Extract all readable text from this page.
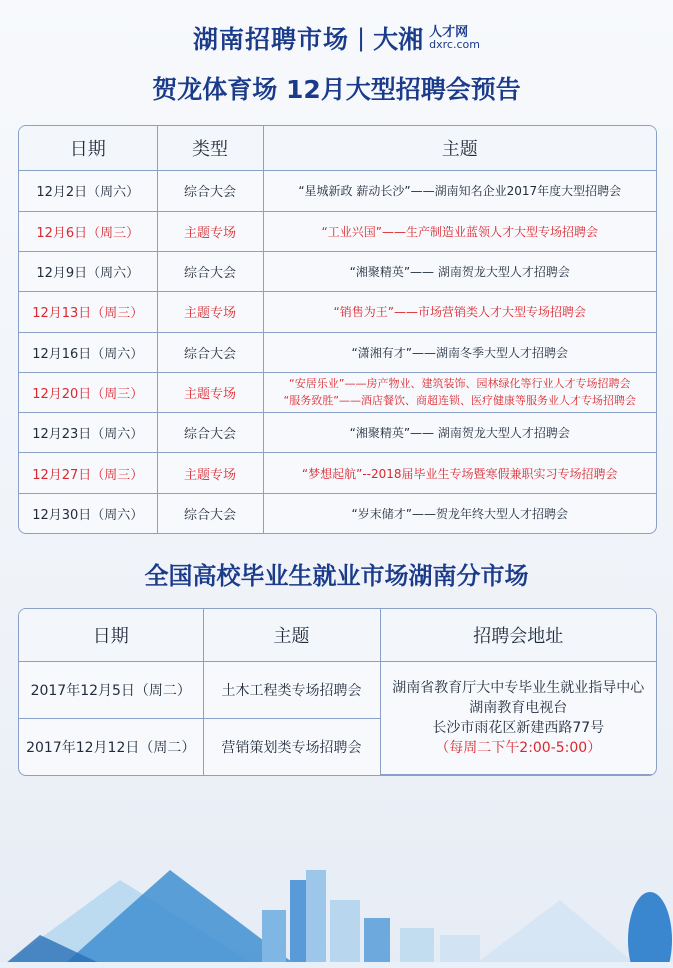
湖南招聘市场 | 大湘 人才网
dxrc.com
贺龙体育场 12月大型招聘会预告
日期	类型	主题
12月2日（周六）	综合大会	“星城新政 薪动长沙”——湖南知名企业2017年度大型招聘会
12月6日（周三）	主题专场	“工业兴国”——生产制造业蓝领人才大型专场招聘会
12月9日（周六）	综合大会	“湘聚精英”—— 湖南贺龙大型人才招聘会
12月13日（周三）	主题专场	“销售为王”——市场营销类人才大型专场招聘会
12月16日（周六）	综合大会	“潇湘有才”——湖南冬季大型人才招聘会
12月20日（周三）	主题专场	“安居乐业”——房产物业、建筑装饰、园林绿化等行业人才专场招聘会
“服务致胜”——酒店餐饮、商超连锁、医疗健康等服务业人才专场招聘会

12月23日（周六）	综合大会	“湘聚精英”—— 湖南贺龙大型人才招聘会
12月27日（周三）	主题专场	“梦想起航”--2018届毕业生专场暨寒假兼职实习专场招聘会
12月30日（周六）	综合大会	“岁末储才”——贺龙年终大型人才招聘会
全国高校毕业生就业市场湖南分市场
日期	主题	招聘会地址
2017年12月5日（周二）	土木工程类专场招聘会	湖南省教育厅大中专毕业生就业指导中心
湖南教育电视台
长沙市雨花区新建西路77号
（每周二下午2:00-5:00）

2017年12月12日（周二）	营销策划类专场招聘会	
